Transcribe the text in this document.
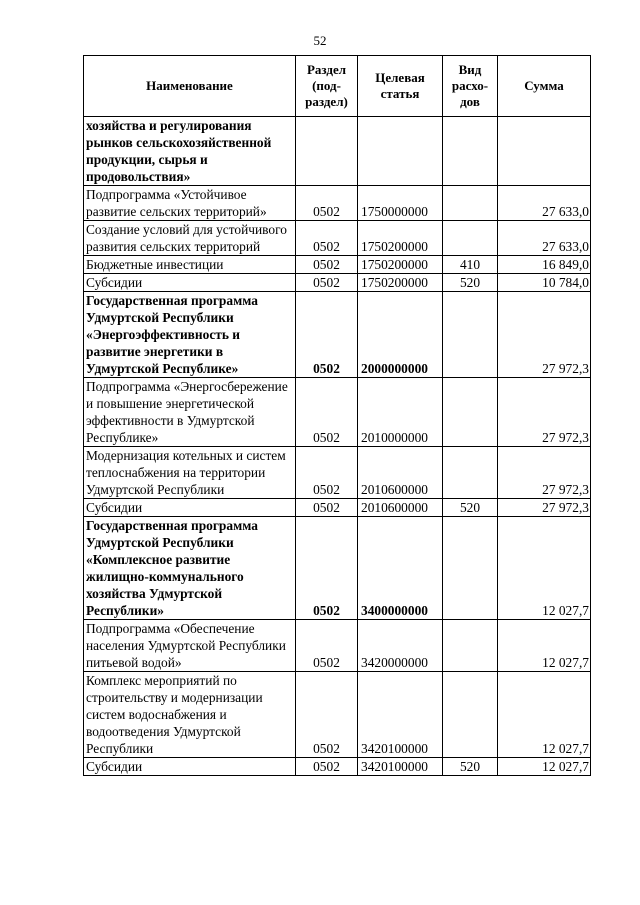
52
Наименование	Раздел (под-раздел)	Целевая статья	Вид расхо-дов	Сумма
хозяйства и регулирования рынков сельскохозяйственной продукции, сырья и продовольствия»				
Подпрограмма «Устойчивое развитие сельских территорий»	0502	1750000000		27 633,0
Создание условий для устойчивого развития сельских территорий	0502	1750200000		27 633,0
Бюджетные инвестиции	0502	1750200000	410	16 849,0
Субсидии	0502	1750200000	520	10 784,0
Государственная программа Удмуртской Республики «Энергоэффективность и развитие энергетики в Удмуртской Республике»	0502	2000000000		27 972,3
Подпрограмма «Энергосбережение и повышение энергетической эффективности в Удмуртской Республике»	0502	2010000000		27 972,3
Модернизация котельных и систем теплоснабжения на территории Удмуртской Республики	0502	2010600000		27 972,3
Субсидии	0502	2010600000	520	27 972,3
Государственная программа Удмуртской Республики «Комплексное развитие жилищно-коммунального хозяйства Удмуртской Республики»	0502	3400000000		12 027,7
Подпрограмма «Обеспечение населения Удмуртской Республики питьевой водой»	0502	3420000000		12 027,7
Комплекс мероприятий по строительству и модернизации систем водоснабжения и водоотведения Удмуртской Республики	0502	3420100000		12 027,7
Субсидии	0502	3420100000	520	12 027,7
